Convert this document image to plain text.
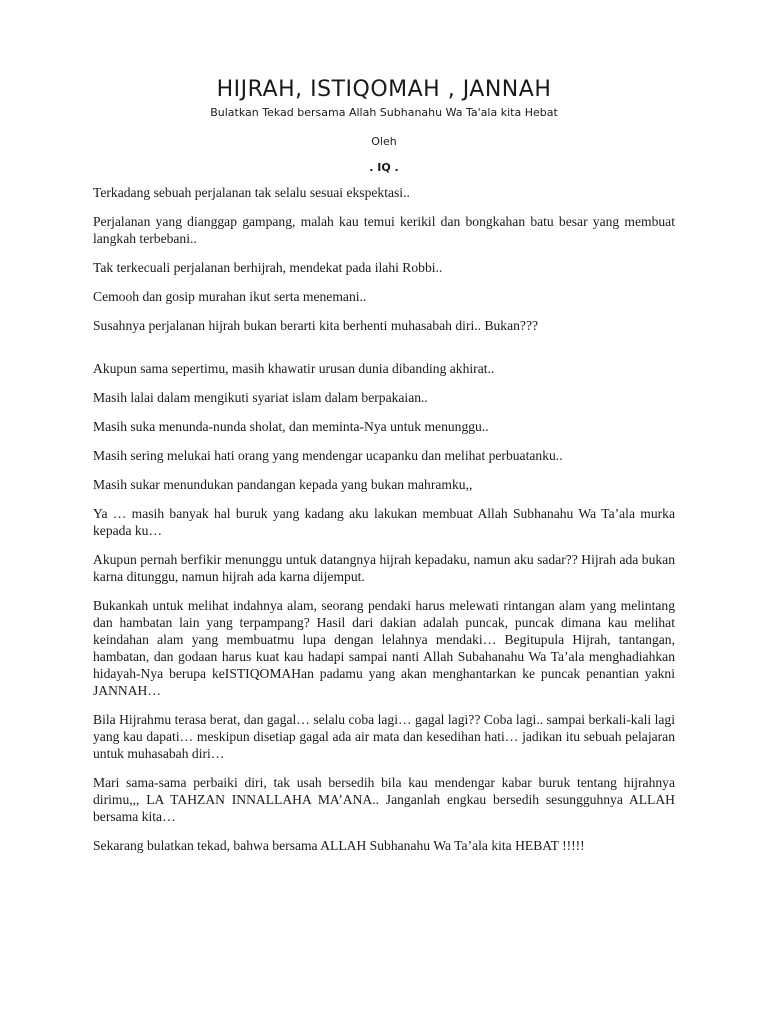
HIJRAH, ISTIQOMAH , JANNAH
Bulatkan Tekad bersama Allah Subhanahu Wa Ta'ala kita Hebat
Oleh
. IQ .

Terkadang sebuah perjalanan tak selalu sesuai ekspektasi..

Perjalanan yang dianggap gampang, malah kau temui kerikil dan bongkahan batu besar yang membuat langkah terbebani..

Tak terkecuali perjalanan berhijrah, mendekat pada ilahi Robbi..

Cemooh dan gosip murahan ikut serta menemani..

Susahnya perjalanan hijrah bukan berarti kita berhenti muhasabah diri.. Bukan???

Akupun sama sepertimu, masih khawatir urusan dunia dibanding akhirat..

Masih lalai dalam mengikuti syariat islam dalam berpakaian..

Masih suka menunda-nunda sholat, dan meminta-Nya untuk menunggu..

Masih sering melukai hati orang yang mendengar ucapanku dan melihat perbuatanku..

Masih sukar menundukan pandangan kepada yang bukan mahramku,,

Ya … masih banyak hal buruk yang kadang aku lakukan membuat Allah Subhanahu Wa Ta’ala murka kepada ku…

Akupun pernah berfikir menunggu untuk datangnya hijrah kepadaku, namun aku sadar?? Hijrah ada bukan karna ditunggu, namun hijrah ada karna dijemput.

Bukankah untuk melihat indahnya alam, seorang pendaki harus melewati rintangan alam yang melintang dan hambatan lain yang terpampang? Hasil dari dakian adalah puncak, puncak dimana kau melihat keindahan alam yang membuatmu lupa dengan lelahnya mendaki… Begitupula Hijrah, tantangan, hambatan, dan godaan harus kuat kau hadapi sampai nanti Allah Subahanahu Wa Ta’ala menghadiahkan hidayah-Nya berupa keISTIQOMAHan padamu yang akan menghantarkan ke puncak penantian yakni JANNAH…

Bila Hijrahmu terasa berat, dan gagal… selalu coba lagi… gagal lagi?? Coba lagi.. sampai berkali-kali lagi yang kau dapati… meskipun disetiap gagal ada air mata dan kesedihan hati… jadikan itu sebuah pelajaran untuk muhasabah diri…

Mari sama-sama perbaiki diri, tak usah bersedih bila kau mendengar kabar buruk tentang hijrahnya dirimu,,, LA TAHZAN INNALLAHA MA’ANA.. Janganlah engkau bersedih sesungguhnya ALLAH bersama kita…

Sekarang bulatkan tekad, bahwa bersama ALLAH Subhanahu Wa Ta’ala kita HEBAT !!!!!
